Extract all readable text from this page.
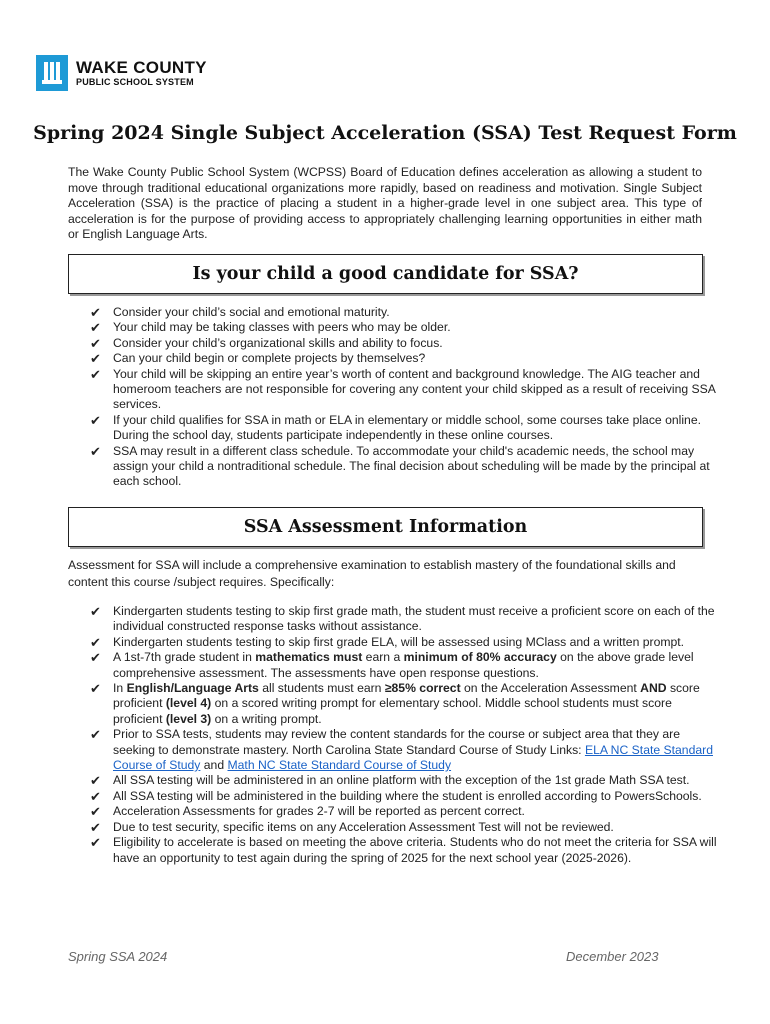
WAKE COUNTY
PUBLIC SCHOOL SYSTEM
Spring 2024 Single Subject Acceleration (SSA) Test Request Form

The Wake County Public School System (WCPSS) Board of Education defines acceleration as allowing a student to move through traditional educational organizations more rapidly, based on readiness and motivation. Single Subject Acceleration (SSA) is the practice of placing a student in a higher-grade level in one subject area. This type of acceleration is for the purpose of providing access to appropriately challenging learning opportunities in either math or English Language Arts.

Is your child a good candidate for SSA?
✔ Consider your child’s social and emotional maturity.
✔ Your child may be taking classes with peers who may be older.
✔ Consider your child’s organizational skills and ability to focus.
✔ Can your child begin or complete projects by themselves?
✔ Your child will be skipping an entire year’s worth of content and background knowledge. The AIG teacher and homeroom teachers are not responsible for covering any content your child skipped as a result of receiving SSA services.
✔ If your child qualifies for SSA in math or ELA in elementary or middle school, some courses take place online. During the school day, students participate independently in these online courses.
✔ SSA may result in a different class schedule. To accommodate your child's academic needs, the school may assign your child a nontraditional schedule. The final decision about scheduling will be made by the principal at each school.
SSA Assessment Information

Assessment for SSA will include a comprehensive examination to establish mastery of the foundational skills and content this course /subject requires. Specifically:

✔ Kindergarten students testing to skip first grade math, the student must receive a proficient score on each of the individual constructed response tasks without assistance.
✔ Kindergarten students testing to skip first grade ELA, will be assessed using MClass and a written prompt.
✔ A 1st-7th grade student in mathematics must earn a minimum of 80% accuracy on the above grade level comprehensive assessment. The assessments have open response questions.
✔ In English/Language Arts all students must earn ≥85% correct on the Acceleration Assessment AND score proficient (level 4) on a scored writing prompt for elementary school. Middle school students must score proficient (level 3) on a writing prompt.
✔ Prior to SSA tests, students may review the content standards for the course or subject area that they are seeking to demonstrate mastery. North Carolina State Standard Course of Study Links: ELA NC State Standard Course of Study and Math NC State Standard Course of Study
✔ All SSA testing will be administered in an online platform with the exception of the 1st grade Math SSA test.
✔ All SSA testing will be administered in the building where the student is enrolled according to PowersSchools.
✔ Acceleration Assessments for grades 2-7 will be reported as percent correct.
✔ Due to test security, specific items on any Acceleration Assessment Test will not be reviewed.
✔ Eligibility to accelerate is based on meeting the above criteria. Students who do not meet the criteria for SSA will have an opportunity to test again during the spring of 2025 for the next school year (2025-2026).
Spring SSA 2024	December 2023
